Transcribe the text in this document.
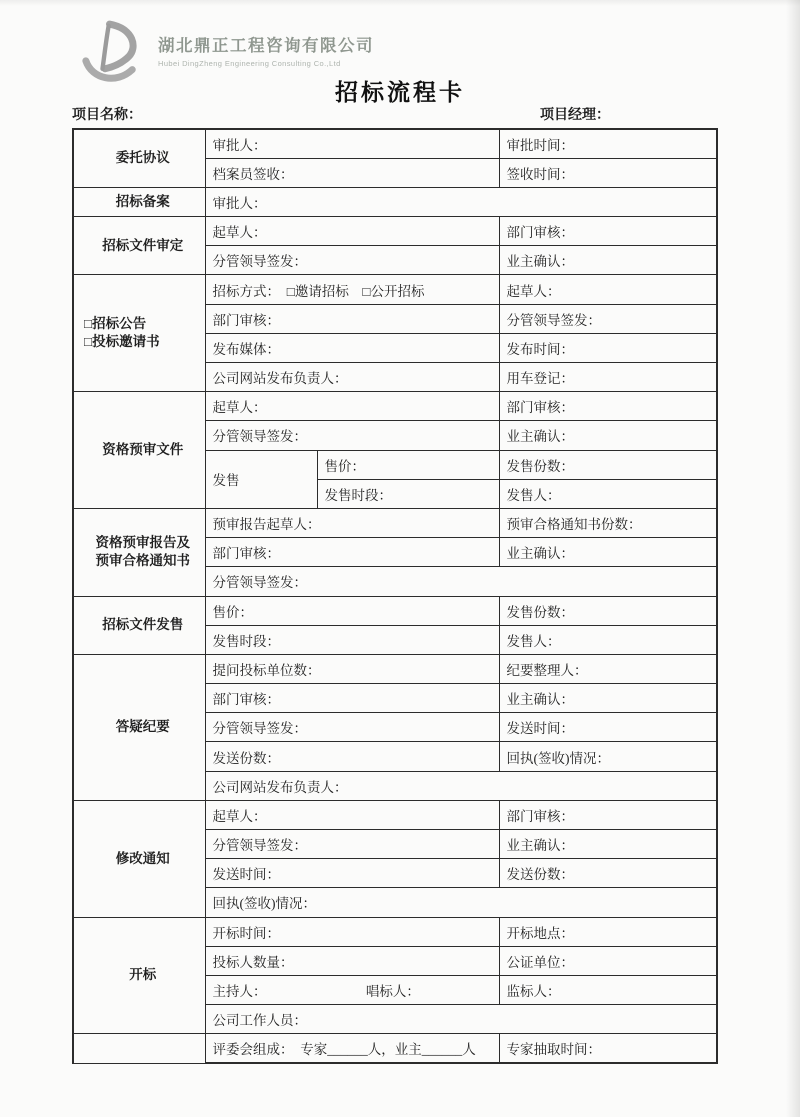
湖北鼎正工程咨询有限公司
Hubei DingZheng Engineering Consulting Co.,Ltd
招标流程卡
项目名称：	项目经理：
委托协议	审批人：		审批时间：
	档案员签收：		签收时间：
招标备案	审批人：		
招标文件审定	起草人：		部门审核：
	分管领导签发：		业主确认：

□招标公告
□投标邀请书	招标方式：　□邀请招标　□公开招标		起草人：
	部门审核：		分管领导签发：
	发布媒体：		发布时间：
	公司网站发布负责人：		用车登记：
资格预审文件	起草人：		部门审核：
	分管领导签发：		业主确认：
	发售	售价：	发售份数：
		发售时段：	发售人：

资格预审报告及
预审合格通知书	预审报告起草人：		预审合格通知书份数：
	部门审核：		业主确认：
	分管领导签发：		
招标文件发售	售价：		发售份数：
	发售时段：		发售人：
答疑纪要	提问投标单位数：		纪要整理人：
	部门审核：		业主确认：
	分管领导签发：		发送时间：
	发送份数：		回执(签收)情况：
	公司网站发布负责人：		
修改通知	起草人：		部门审核：
	分管领导签发：		业主确认：
	发送时间：		发送份数：
	回执(签收)情况：		
开标	开标时间：		开标地点：
	投标人数量：		公证单位：
	主持人： 唱标人：		监标人：
	公司工作人员：		
	评委会组成：　专家______人，业主______人		专家抽取时间：
